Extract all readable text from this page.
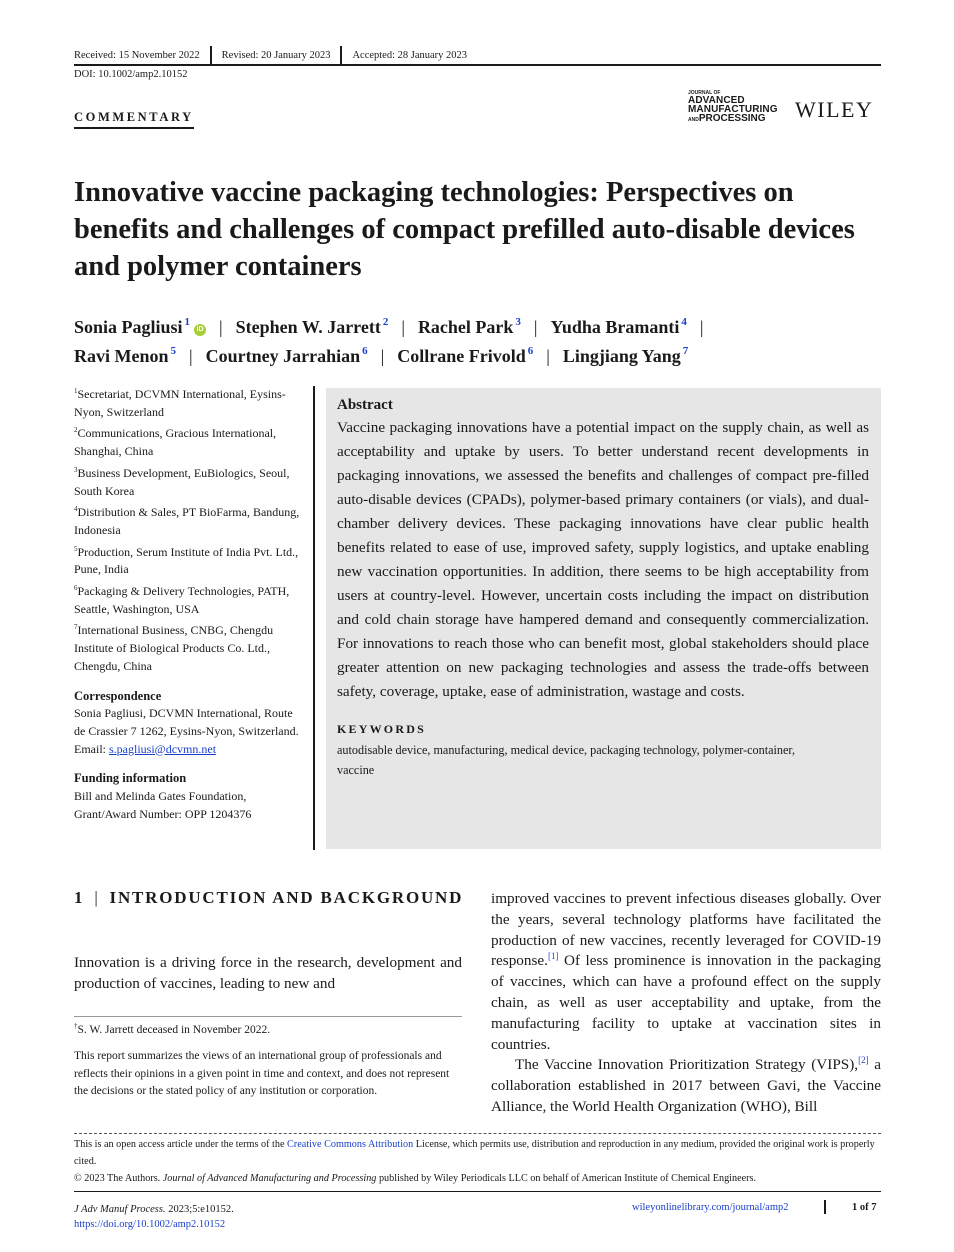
Received: 15 November 2022	Revised: 20 January 2023	Accepted: 28 January 2023
DOI: 10.1002/amp2.10152
COMMENTARY
JOURNAL OF
ADVANCED
MANUFACTURING
ANDPROCESSING	WILEY
Innovative vaccine packaging technologies: Perspectives on benefits and challenges of compact prefilled auto-disable devices and polymer containers
Sonia Pagliusi $^1$iD | Stephen W. Jarrett $^2$ | Rachel Park $^3$ | Yudha Bramanti $^4$ |
Ravi Menon $^5$ | Courtney Jarrahian $^6$ | Collrane Frivold $^6$ | Lingjiang Yang $^7$
$^1$Secretariat, DCVMN International, Eysins-Nyon, Switzerland
$^2$Communications, Gracious International, Shanghai, China
$^3$Business Development, EuBiologics, Seoul, South Korea
$^4$Distribution & Sales, PT BioFarma, Bandung, Indonesia
$^5$Production, Serum Institute of India Pvt. Ltd., Pune, India
$^6$Packaging & Delivery Technologies, PATH, Seattle, Washington, USA
$^7$International Business, CNBG, Chengdu Institute of Biological Products Co. Ltd., Chengdu, China
Correspondence
Sonia Pagliusi, DCVMN International, Route de Crassier 7 1262, Eysins-Nyon, Switzerland.
Email: s.pagliusi@dcvmn.net
Funding information
Bill and Melinda Gates Foundation, Grant/Award Number: OPP 1204376
Abstract
Vaccine packaging innovations have a potential impact on the supply chain, as well as acceptability and uptake by users. To better understand recent developments in packaging innovations, we assessed the benefits and challenges of compact pre-filled auto-disable devices (CPADs), polymer-based primary containers (or vials), and dual-chamber delivery devices. These packaging innovations have clear public health benefits related to ease of use, improved safety, supply logistics, and uptake enabling new vaccination opportunities. In addition, there seems to be high acceptability from users at country-level. However, uncertain costs including the impact on distribution and cold chain storage have hampered demand and consequently commercialization. For innovations to reach those who can benefit most, global stakeholders should place greater attention on new packaging technologies and assess the trade-offs between safety, coverage, uptake, ease of administration, wastage and costs.
KEYWORDS
autodisable device, manufacturing, medical device, packaging technology, polymer-container, vaccine
1 | INTRODUCTION AND BACKGROUND

Innovation is a driving force in the research, development and production of vaccines, leading to new and

†S. W. Jarrett deceased in November 2022.
This report summarizes the views of an international group of professionals and reflects their opinions in a given point in time and context, and does not represent the decisions or the stated policy of any institution or corporation.

improved vaccines to prevent infectious diseases globally. Over the years, several technology platforms have facilitated the production of new vaccines, recently leveraged for COVID-19 response.[1] Of less prominence is innovation in the packaging of vaccines, which can have a profound effect on the supply chain, as well as user acceptability and uptake, from the manufacturing facility to uptake at vaccination sites in countries.

The Vaccine Innovation Prioritization Strategy (VIPS),[2] a collaboration established in 2017 between Gavi, the Vaccine Alliance, the World Health Organization (WHO), Bill

This is an open access article under the terms of the Creative Commons Attribution License, which permits use, distribution and reproduction in any medium, provided the original work is properly cited.
© 2023 The Authors. Journal of Advanced Manufacturing and Processing published by Wiley Periodicals LLC on behalf of American Institute of Chemical Engineers.
J Adv Manuf Process. 2023;5:e10152.
https://doi.org/10.1002/amp2.10152
wileyonlinelibrary.com/journal/amp2	1 of 7
